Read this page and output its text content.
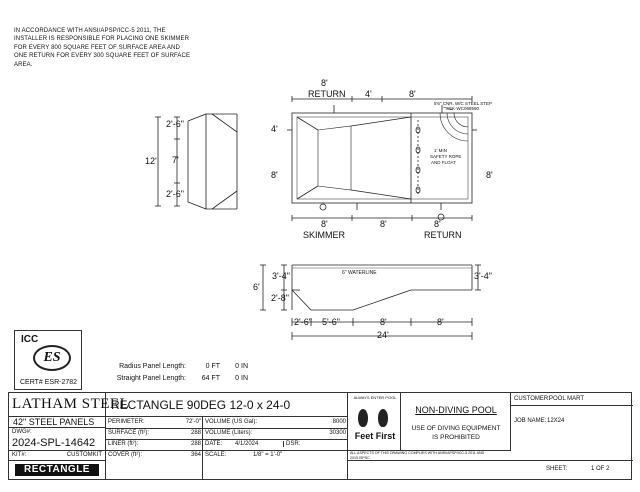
IN ACCORDANCE WITH ANSI/APSP/ICC-5 2011, THE INSTALLER IS RESPONSIBLE FOR PLACING ONE SKIMMER FOR EVERY 800 SQUARE FEET OF SURFACE AREA AND ONE RETURN FOR EVERY 300 SQUARE FEET OF SURFACE AREA.
12'
2'-6"
7'
2'-6"
8'
RETURN 4'	8'
4'
8'	8'
8'
SKIMMER
8'	8'
RETURN
5'6" CNR. W/C STEEL STEP
SSK-WC068590
1' MIN
SAFETY ROPE
AND FLOAT
3'-4"
6'
2'-8"
3'-4"
2'-6" 5'-6"	8'	8'
24'
6" WATERLINE
ICC
ES
CERT# ESR-2782
Radius Panel Length:	0 FT	0 IN
Straight Panel Length:	64 FT	0 IN
LATHAM STEEL
42" STEEL PANELS
DWG#:
2024-SPL-14642
KIT#:	CUSTOMKIT
RECTANGLE
RECTANGLE 90DEG 12-0 x 24-0
PERIMETER:	72'-0"
SURFACE (ft²):	288
LINER (ft²):	288
COVER (ft²):	364
VOLUME (US Gal):	8000
VOLUME (Liters):	30300
DATE: 4/1/2024	DSR:
SCALE:	1/8" = 1'-0"
ALWAYS ENTER POOL
Feet First
ALL ASPECTS OF THIS DRAWING COMPLIES WITH ANSI/APSP/ICC-5 2011 AND 2015 ISPSC
NON-DIVING POOL
USE OF DIVING EQUIPMENT
IS PROHIBITED
CUSTOMER: POOL MART
JOB NAME: 12X24
SHEET:	1 OF 2
